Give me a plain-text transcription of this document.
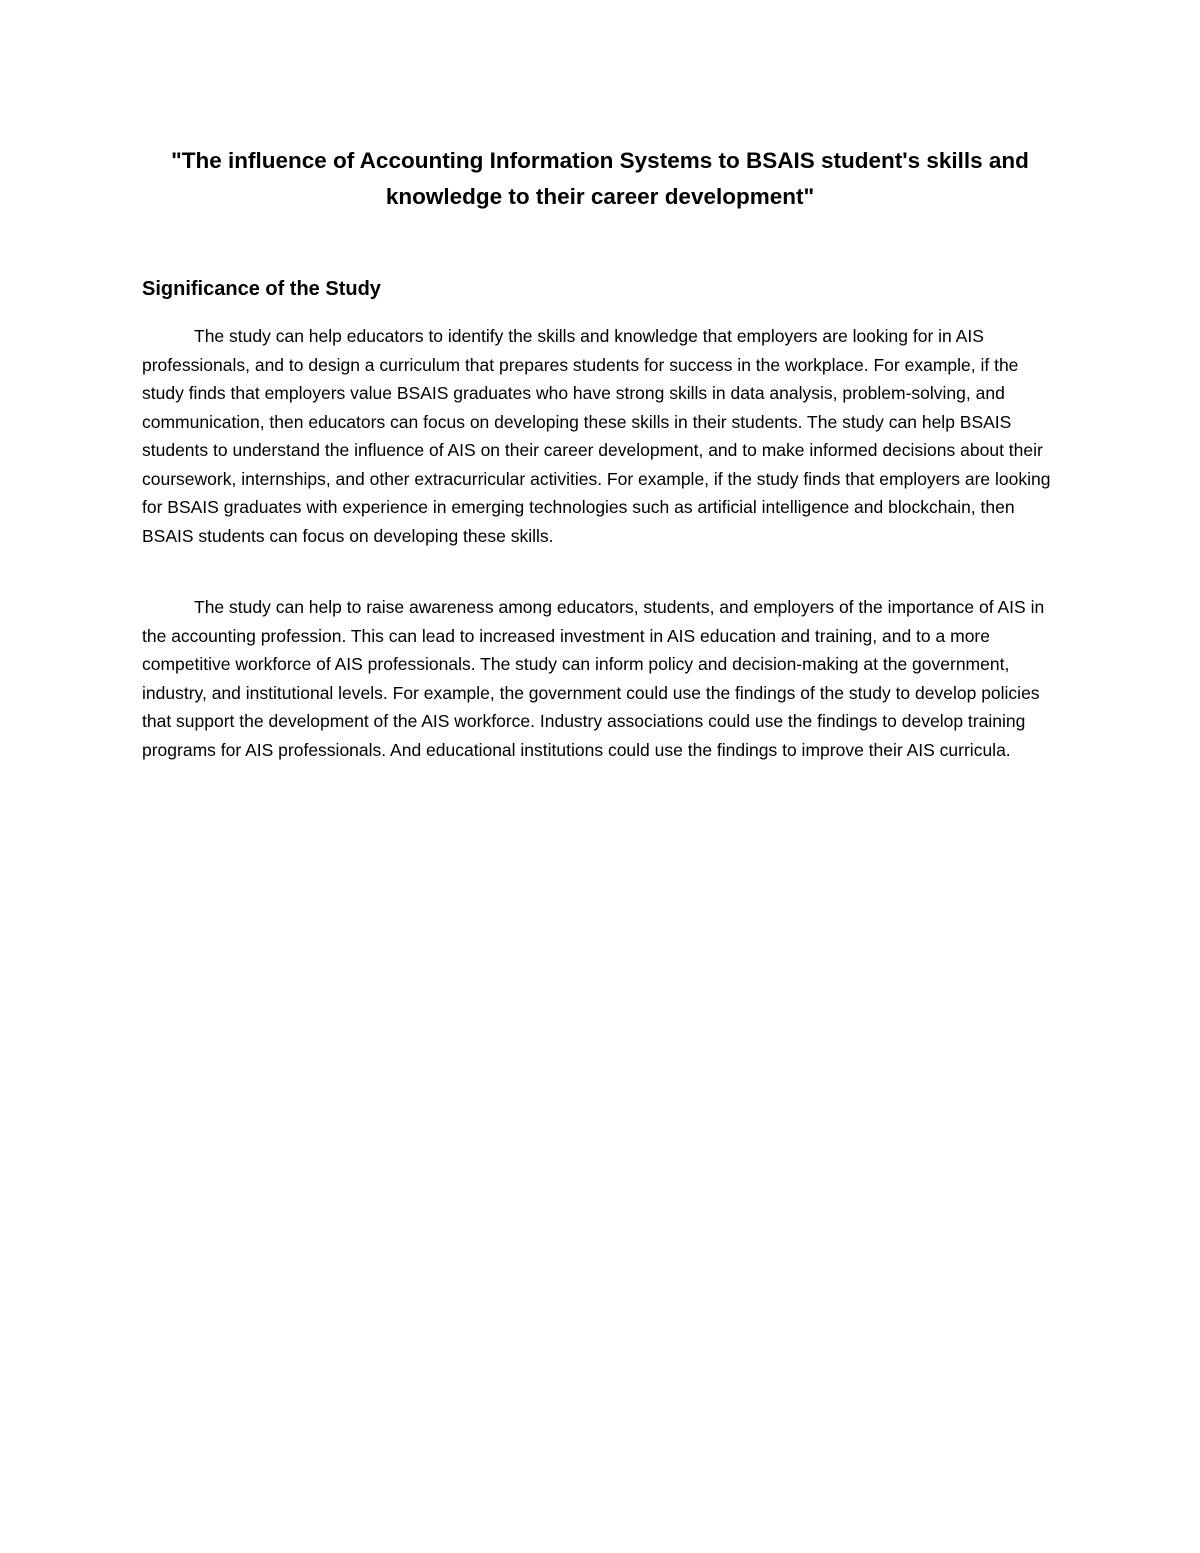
"The influence of Accounting Information Systems to BSAIS student's skills and knowledge to their career development"
Significance of the Study

The study can help educators to identify the skills and knowledge that employers are looking for in AIS professionals, and to design a curriculum that prepares students for success in the workplace. For example, if the study finds that employers value BSAIS graduates who have strong skills in data analysis, problem-solving, and communication, then educators can focus on developing these skills in their students. The study can help BSAIS students to understand the influence of AIS on their career development, and to make informed decisions about their coursework, internships, and other extracurricular activities. For example, if the study finds that employers are looking for BSAIS graduates with experience in emerging technologies such as artificial intelligence and blockchain, then BSAIS students can focus on developing these skills.

The study can help to raise awareness among educators, students, and employers of the importance of AIS in the accounting profession. This can lead to increased investment in AIS education and training, and to a more competitive workforce of AIS professionals. The study can inform policy and decision-making at the government, industry, and institutional levels. For example, the government could use the findings of the study to develop policies that support the development of the AIS workforce. Industry associations could use the findings to develop training programs for AIS professionals. And educational institutions could use the findings to improve their AIS curricula.
